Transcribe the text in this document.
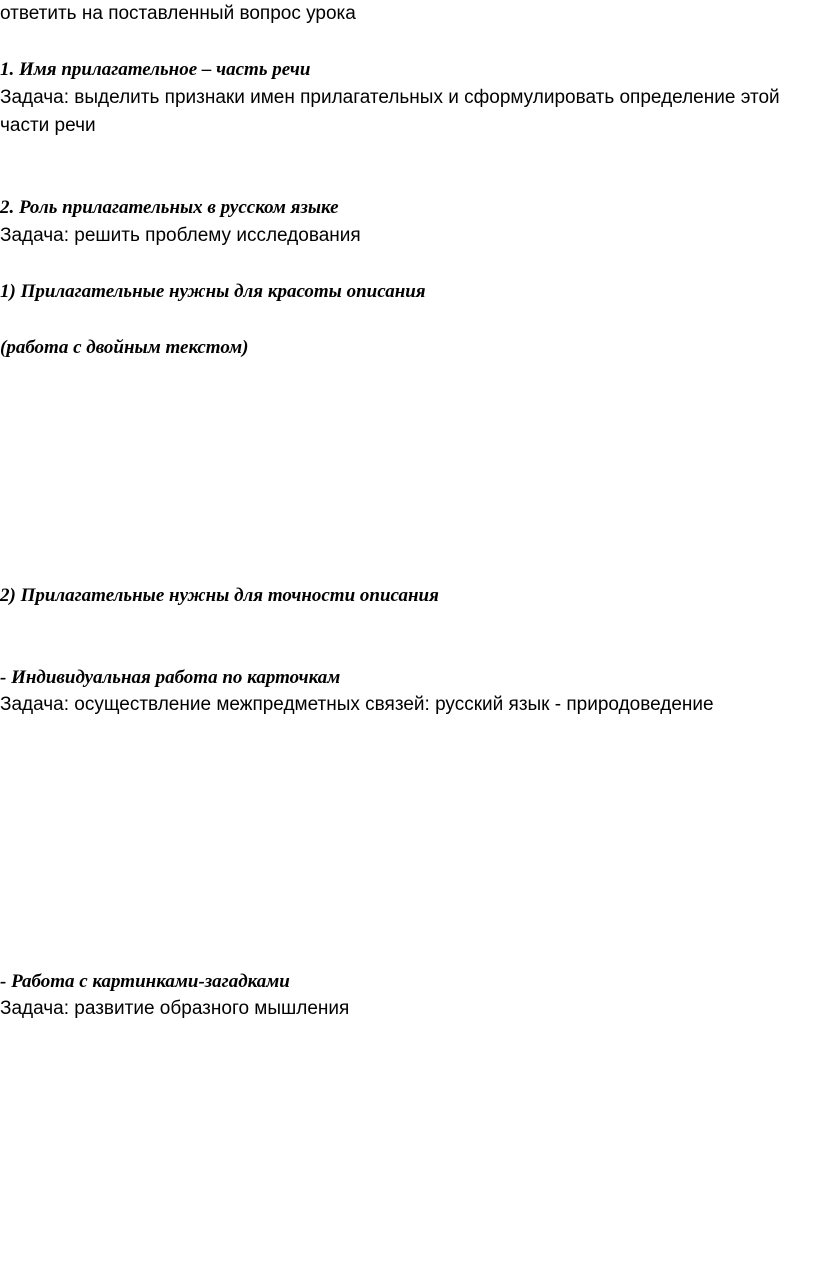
ответить на поставленный вопрос урока

1. Имя прилагательное – часть речи

Задача: выделить признаки имен прилагательных и сформулировать определение этой

части речи

2. Роль прилагательных в русском языке

Задача: решить проблему исследования

1) Прилагательные нужны для красоты описания

(работа с двойным текстом)

2) Прилагательные нужны для точности описания

- Индивидуальная работа по карточкам

Задача: осуществление межпредметных связей: русский язык - природоведение

- Работа с картинками-загадками

Задача: развитие образного мышления
